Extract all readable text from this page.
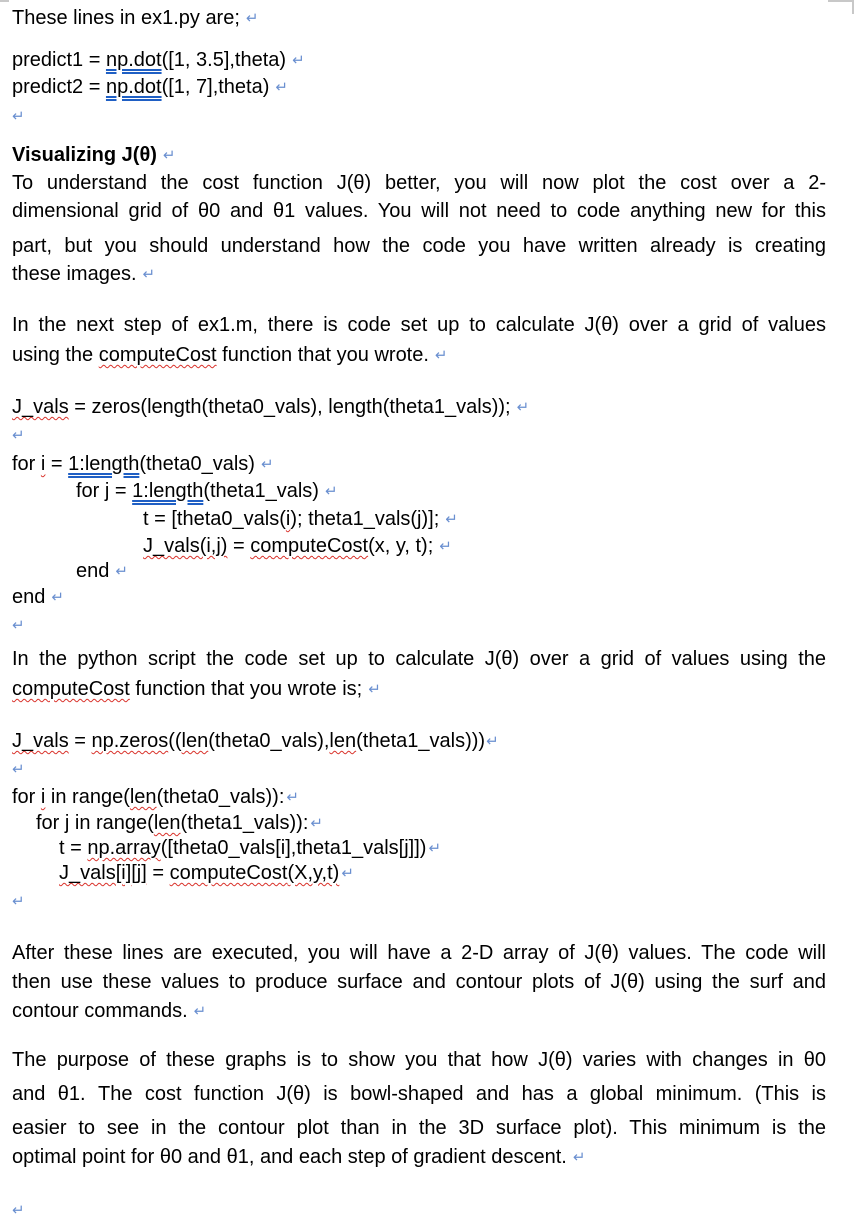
These lines in ex1.py are; ↵
predict1 = np.dot([1, 3.5],theta) ↵
predict2 = np.dot([1, 7],theta) ↵
↵
Visualizing J(θ) ↵
To understand the cost function J(θ) better, you will now plot the cost over a 2-
dimensional grid of θ0 and θ1 values. You will not need to code anything new for this
part, but you should understand how the code you have written already is creating
these images. ↵
In the next step of ex1.m, there is code set up to calculate J(θ) over a grid of values
using the computeCost function that you wrote. ↵
J_vals = zeros(length(theta0_vals), length(theta1_vals)); ↵
↵
for i = 1:length(theta0_vals) ↵
for j = 1:length(theta1_vals) ↵
t = [theta0_vals(i); theta1_vals(j)]; ↵
J_vals(i,j) = computeCost(x, y, t); ↵
end ↵
end ↵
↵
In the python script the code set up to calculate J(θ) over a grid of values using the
computeCost function that you wrote is; ↵
J_vals = np.zeros((len(theta0_vals),len(theta1_vals)))↵
↵
for i in range(len(theta0_vals)): ↵
for j in range(len(theta1_vals)): ↵
t = np.array([theta0_vals[i],theta1_vals[j]]) ↵
J_vals[i][j] = computeCost(X,y,t) ↵
↵
After these lines are executed, you will have a 2-D array of J(θ) values. The code will
then use these values to produce surface and contour plots of J(θ) using the surf and
contour commands. ↵
The purpose of these graphs is to show you that how J(θ) varies with changes in θ0
and θ1. The cost function J(θ) is bowl-shaped and has a global minimum. (This is
easier to see in the contour plot than in the 3D surface plot). This minimum is the
optimal point for θ0 and θ1, and each step of gradient descent. ↵
↵
